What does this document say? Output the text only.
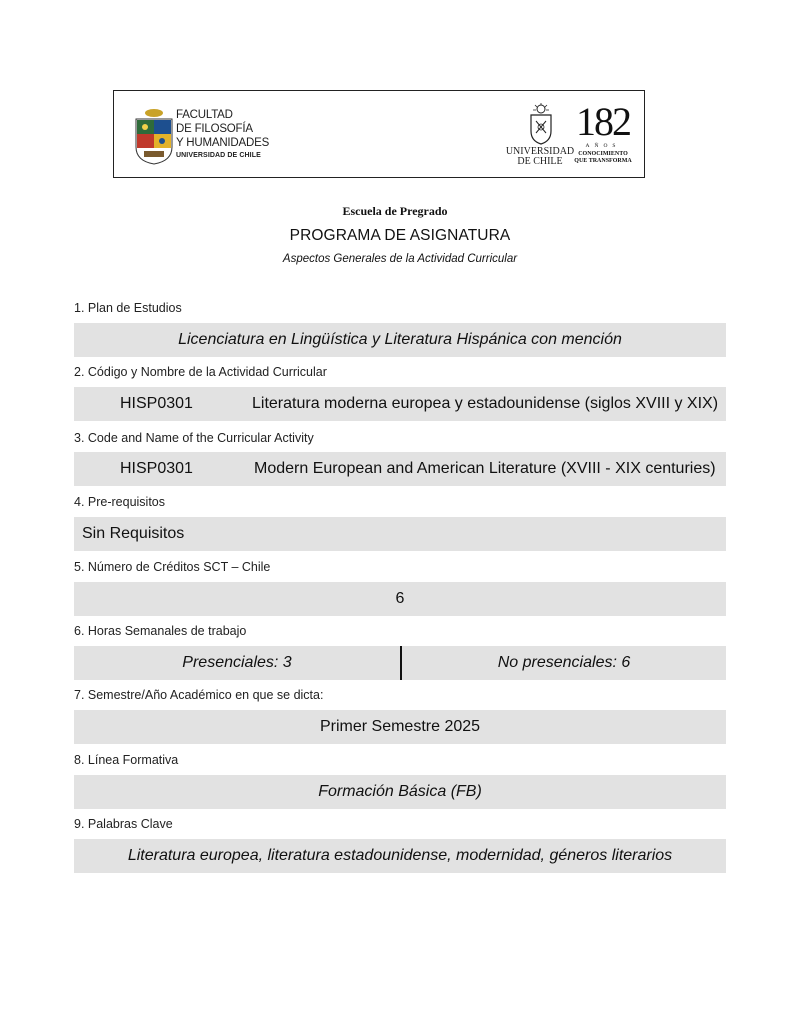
FACULTAD
DE FILOSOFÍA
Y HUMANIDADES
UNIVERSIDAD DE CHILE	UNIVERSIDAD
DE CHILE
182
AÑOS
CONOCIMIENTO
QUE TRANSFORMA
Escuela de Pregrado
PROGRAMA DE ASIGNATURA
Aspectos Generales de la Actividad Curricular
1. Plan de Estudios
Licenciatura en Lingüística y Literatura Hispánica con mención
2. Código y Nombre de la Actividad Curricular
HISP0301	Literatura moderna europea y estadounidense (siglos XVIII y XIX)
3. Code and Name of the Curricular Activity
HISP0301	Modern European and American Literature (XVIII - XIX centuries)
4. Pre-requisitos
Sin Requisitos
5. Número de Créditos SCT – Chile
6
6. Horas Semanales de trabajo
Presenciales: 3	No presenciales: 6
7. Semestre/Año Académico en que se dicta:
Primer Semestre 2025
8. Línea Formativa
Formación Básica (FB)
9. Palabras Clave
Literatura europea, literatura estadounidense, modernidad, géneros literarios
